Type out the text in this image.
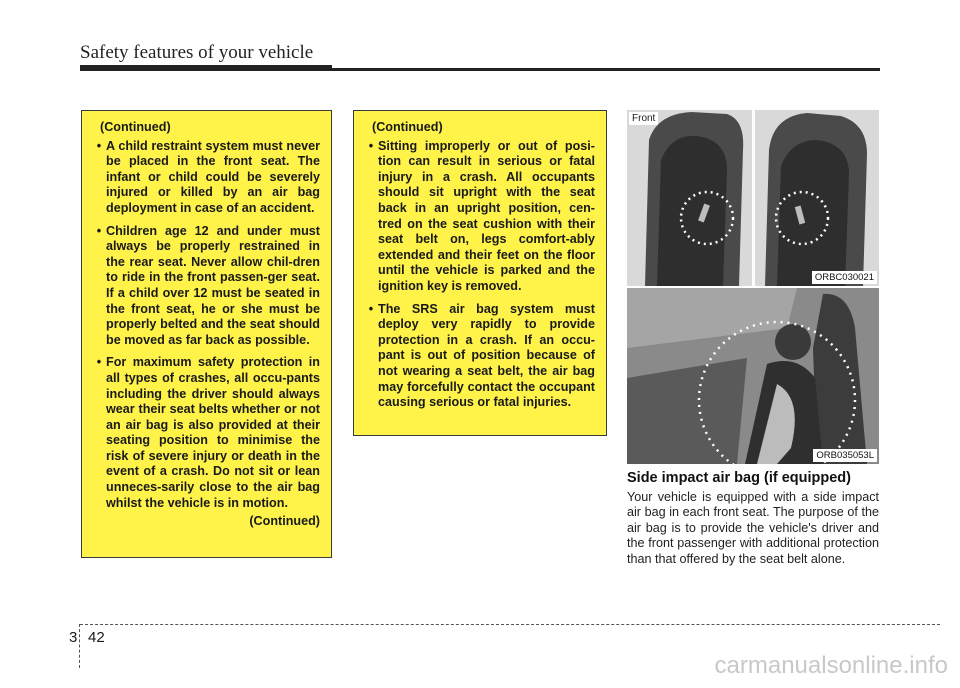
Safety features of your vehicle
(Continued)
• A child restraint system must never be placed in the front seat. The infant or child could be severely injured or killed by an air bag deployment in case of an accident.
• Children age 12 and under must always be properly restrained in the rear seat. Never allow chil-dren to ride in the front passen-ger seat. If a child over 12 must be seated in the front seat, he or she must be properly belted and the seat should be moved as far back as possible.
• For maximum safety protection in all types of crashes, all occu-pants including the driver should always wear their seat belts whether or not an air bag is also provided at their seating position to minimise the risk of severe injury or death in the event of a crash. Do not sit or lean unneces-sarily close to the air bag whilst the vehicle is in motion.
(Continued)
(Continued)
• Sitting improperly or out of posi-tion can result in serious or fatal injury in a crash. All occupants should sit upright with the seat back in an upright position, cen-tred on the seat cushion with their seat belt on, legs comfort-ably extended and their feet on the floor until the vehicle is parked and the ignition key is removed.
• The SRS air bag system must deploy very rapidly to provide protection in a crash. If an occu-pant is out of position because of not wearing a seat belt, the air bag may forcefully contact the occupant causing serious or fatal injuries.
Front
ORBC030021
ORB035053L
Side impact air bag (if equipped)
Your vehicle is equipped with a side impact air bag in each front seat. The purpose of the air bag is to provide the vehicle's driver and the front passenger with additional protection than that offered by the seat belt alone.
3 42
carmanualsonline.info
